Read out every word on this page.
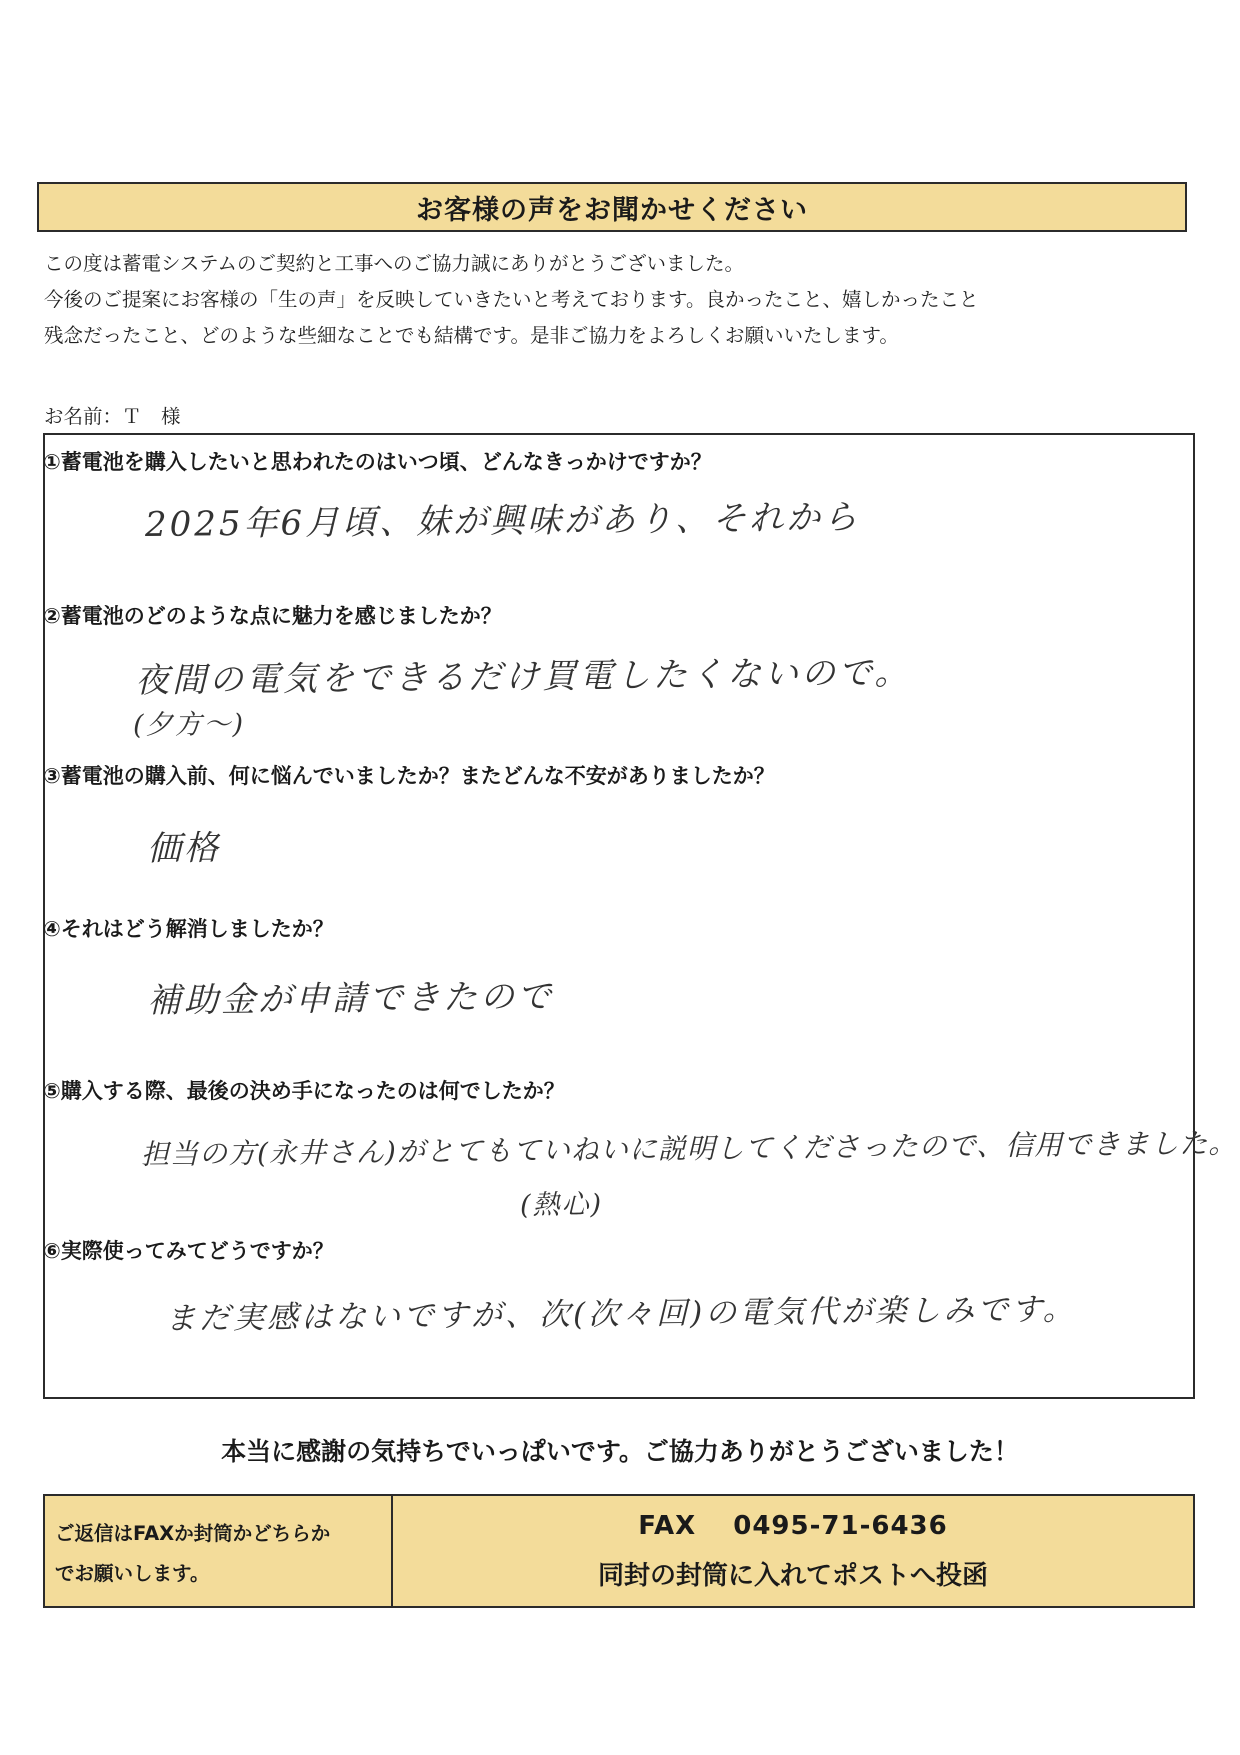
お客様の声をお聞かせください
この度は蓄電システムのご契約と工事へのご協力誠にありがとうございました。
今後のご提案にお客様の「生の声」を反映していきたいと考えております。良かったこと、嬉しかったこと
残念だったこと、どのような些細なことでも結構です。是非ご協力をよろしくお願いいたします。
お名前：Ｔ　様
①蓄電池を購入したいと思われたのはいつ頃、どんなきっかけですか？
2025年6月頃、妹が興味があり、それから
②蓄電池のどのような点に魅力を感じましたか？
夜間の電気をできるだけ買電したくないので。
(夕方〜)
③蓄電池の購入前、何に悩んでいましたか？またどんな不安がありましたか？
価格
④それはどう解消しましたか？
補助金が申請できたので
⑤購入する際、最後の決め手になったのは何でしたか？
担当の方(永井さん)がとてもていねいに説明してくださったので、信用できました。
(熱心)
⑥実際使ってみてどうですか？
まだ実感はないですが、次(次々回)の電気代が楽しみです。
本当に感謝の気持ちでいっぱいです。ご協力ありがとうございました！
ご返信はFAXか封筒かどちらか
でお願いします。
FAX　 0495-71-6436
同封の封筒に入れてポストへ投函
